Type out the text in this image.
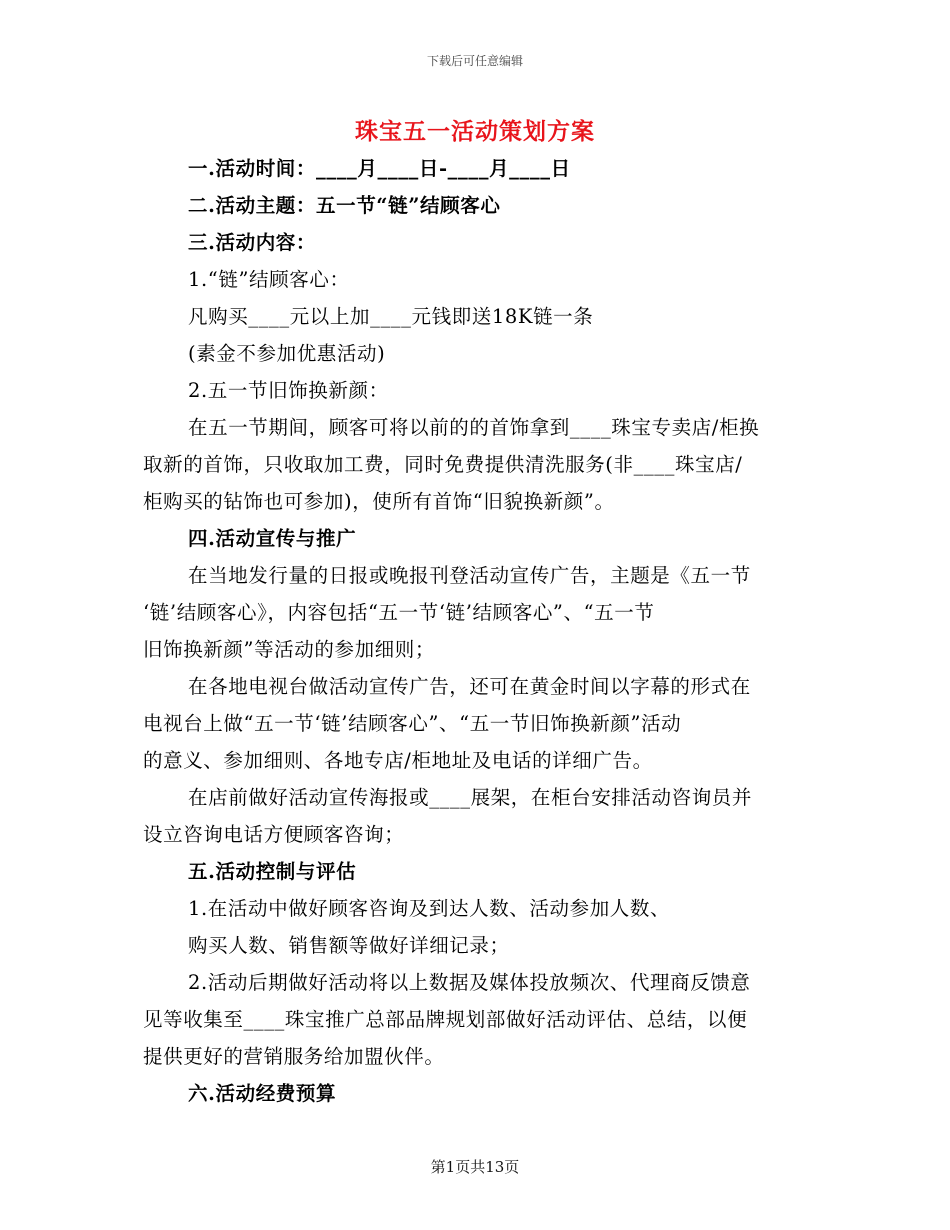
下载后可任意编辑
珠宝五一活动策划方案
一.活动时间：____月____日-____月____日
二.活动主题：五一节“链”结顾客心
三.活动内容：
1.“链”结顾客心：
凡购买____元以上加____元钱即送18K链一条
(素金不参加优惠活动)
2.五一节旧饰换新颜：
在五一节期间，顾客可将以前的的首饰拿到____珠宝专卖店/柜换
取新的首饰，只收取加工费，同时免费提供清洗服务(非____珠宝店/
柜购买的钻饰也可参加)，使所有首饰“旧貌换新颜”。
四.活动宣传与推广
在当地发行量的日报或晚报刊登活动宣传广告，主题是《五一节
‘链’结顾客心》，内容包括“五一节‘链’结顾客心”、“五一节
旧饰换新颜”等活动的参加细则；
在各地电视台做活动宣传广告，还可在黄金时间以字幕的形式在
电视台上做“五一节‘链’结顾客心”、“五一节旧饰换新颜”活动
的意义、参加细则、各地专店/柜地址及电话的详细广告。
在店前做好活动宣传海报或____展架，在柜台安排活动咨询员并
设立咨询电话方便顾客咨询；
五.活动控制与评估
1.在活动中做好顾客咨询及到达人数、活动参加人数、
购买人数、销售额等做好详细记录；
2.活动后期做好活动将以上数据及媒体投放频次、代理商反馈意
见等收集至____珠宝推广总部品牌规划部做好活动评估、总结，以便
提供更好的营销服务给加盟伙伴。
六.活动经费预算
第1页共13页
